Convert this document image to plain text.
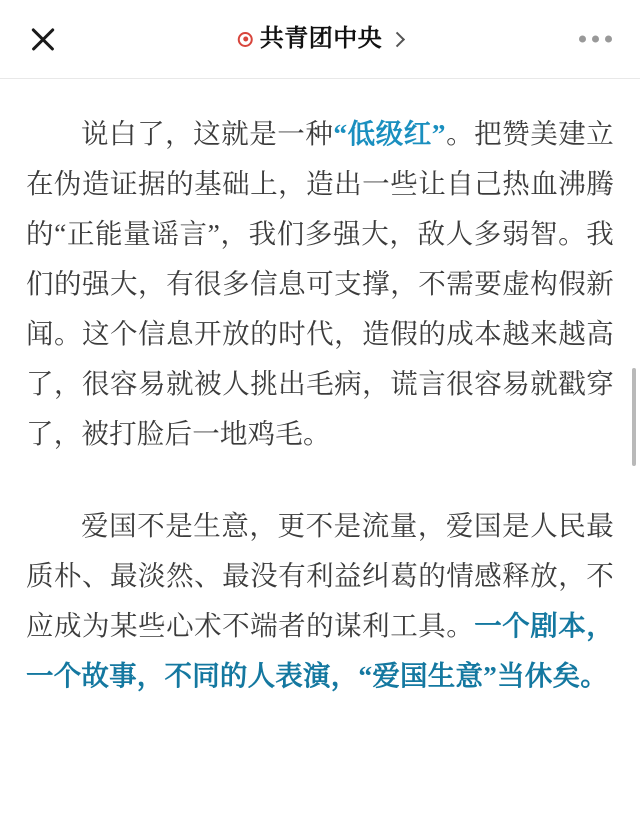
共青团中央

说白了，这就是一种“低级红”。把赞美建立在伪造证据的基础上，造出一些让自己热血沸腾的“正能量谣言”，我们多强大，敌人多弱智。我们的强大，有很多信息可支撑，不需要虚构假新闻。这个信息开放的时代，造假的成本越来越高了，很容易就被人挑出毛病，谎言很容易就戳穿了，被打脸后一地鸡毛。

爱国不是生意，更不是流量，爱国是人民最质朴、最淡然、最没有利益纠葛的情感释放，不应成为某些心术不端者的谋利工具。一个剧本，一个故事，不同的人表演，“爱国生意”当休矣。
